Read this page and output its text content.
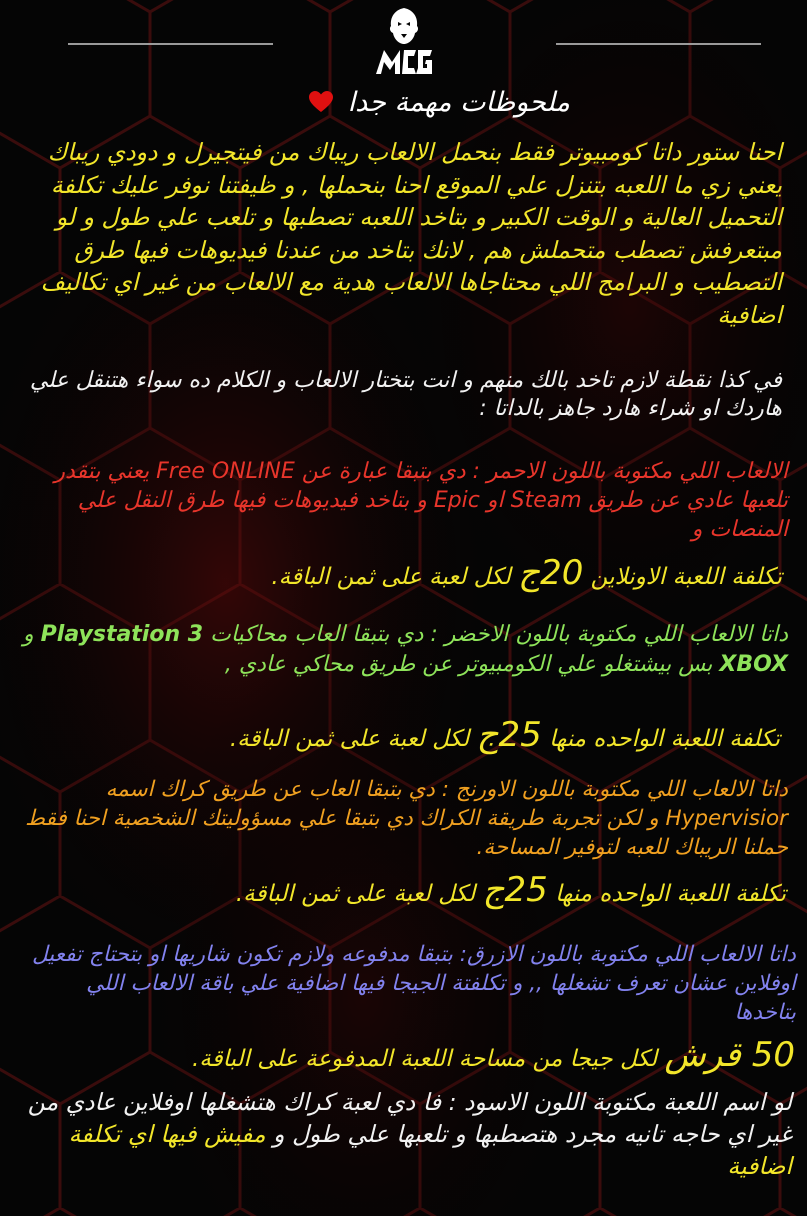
ملحوظات مهمة جدا

احنا ستور داتا كومبيوتر فقط بنحمل الالعاب ريباك من فيتجيرل و دودي ريباك يعني زي ما اللعبه بتنزل علي الموقع احنا بنحملها , و ظيفتنا نوفر عليك تكلفة التحميل العالية و الوقت الكبير و بتاخد اللعبه تصطبها و تلعب علي طول و لو مبتعرفش تصطب متحملش هم , لانك بتاخد من عندنا فيديوهات فيها طرق التصطيب و البرامج اللي محتاجاها الالعاب هدية مع الالعاب من غير اي تكاليف اضافية

في كذا نقطة لازم تاخد بالك منهم و انت بتختار الالعاب و الكلام ده سواء هتنقل علي هاردك او شراء هارد جاهز بالداتا :

الالعاب اللي مكتوبة باللون الاحمر : دي بتبقا عبارة عن Free ONLINE يعني بتقدر تلعبها عادي عن طريق Steam او Epic و بتاخد فيديوهات فيها طرق النقل علي المنصات و

تكلفة اللعبة الاونلاين 20ج لكل لعبة على ثمن الباقة.

داتا الالعاب اللي مكتوبة باللون الاخضر : دي بتبقا العاب محاكيات Playstation 3 و XBOX بس بيشتغلو علي الكومبيوتر عن طريق محاكي عادي ,

تكلفة اللعبة الواحده منها 25ج لكل لعبة على ثمن الباقة.

داتا الالعاب اللي مكتوبة باللون الاورنج : دي بتبقا العاب عن طريق كراك اسمه Hypervisior و لكن تجربة طريقة الكراك دي بتبقا علي مسؤوليتك الشخصية احنا فقط حملنا الريباك للعبه لتوفير المساحة.

تكلفة اللعبة الواحده منها 25ج لكل لعبة على ثمن الباقة.

داتا الالعاب اللي مكتوبة باللون الازرق: بتبقا مدفوعه ولازم تكون شاريها او بتحتاج تفعيل اوفلاين عشان تعرف تشغلها ,, و تكلفتة الجيجا فيها اضافية علي باقة الالعاب اللي بتاخدها

50 قرش لكل جيجا من مساحة اللعبة المدفوعة على الباقة.

لو اسم اللعبة مكتوبة اللون الاسود : فا دي لعبة كراك هتشغلها اوفلاين عادي من غير اي حاجه تانيه مجرد هتصطبها و تلعبها علي طول و مفيش فيها اي تكلفة اضافية
